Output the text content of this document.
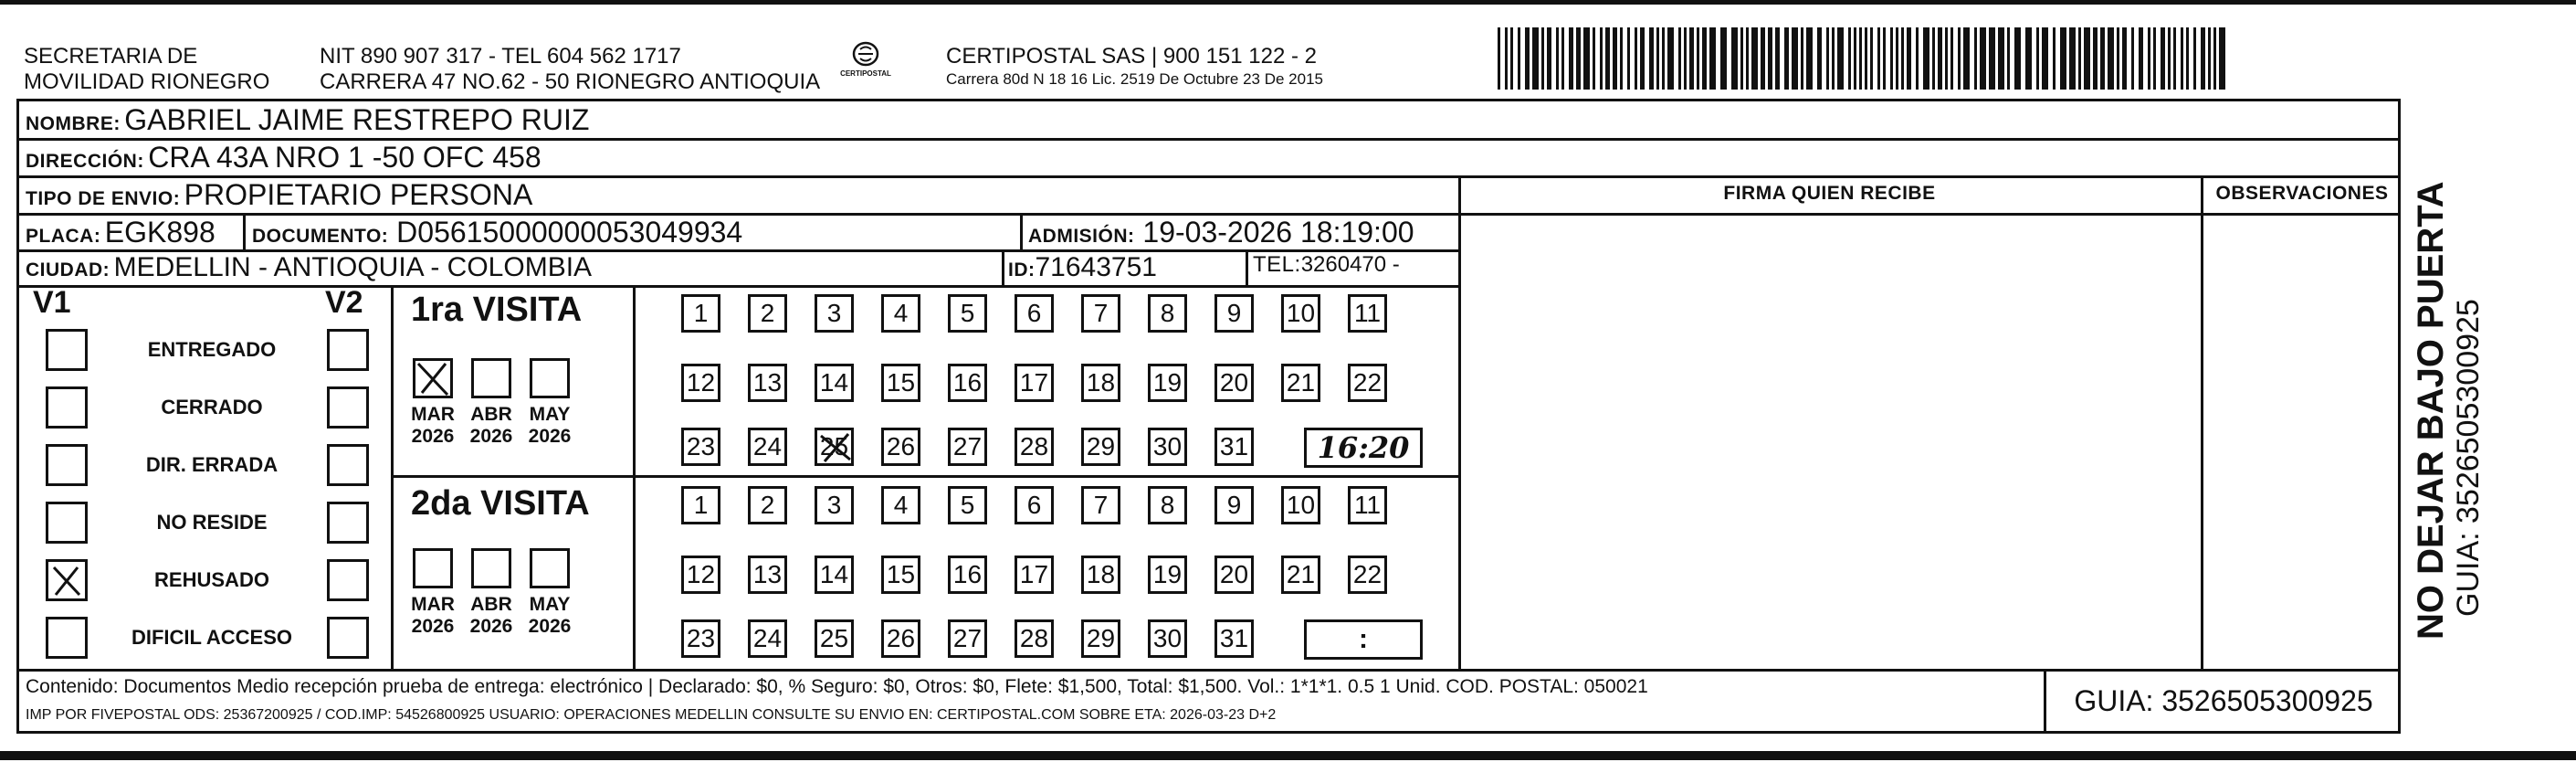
SECRETARIA DE
MOVILIDAD RIONEGRO
NIT 890 907 317 - TEL 604 562 1717
CARRERA 47 NO.62 - 50 RIONEGRO ANTIOQUIA	CERTIPOSTAL
CERTIPOSTAL SAS | 900 151 122 - 2
Carrera 80d N 18 16 Lic. 2519 De Octubre 23 De 2015
NOMBRE: GABRIEL JAIME RESTREPO RUIZ
DIRECCIÓN: CRA 43A NRO 1 -50 OFC 458
TIPO DE ENVIO: PROPIETARIO PERSONA	FIRMA QUIEN RECIBE	OBSERVACIONES
PLACA: EGK898 DOCUMENTO: D05615000000053049934	ADMISIÓN: 19-03-2026 18:19:00
CIUDAD: MEDELLIN - ANTIOQUIA - COLOMBIA	ID:71643751	TEL:3260470 -
V1	V2
ENTREGADO
CERRADO
DIR. ERRADA
NO RESIDE
REHUSADO
DIFICIL ACCESO
1ra VISITA
2da VISITA
MAR
2026
ABR
2026
MAY
2026
1	2	3	4	5	6	7	8	9	10 11
12 13 14 15 16 17 18 19 20 21 22
23 24 25 26 27 28 29 30 31	16:20
MAR
2026
ABR
2026
MAY
2026
1	2	3	4	5	6	7	8	9	10 11
12 13 14 15 16 17 18 19 20 21 22
23 24 25 26 27 28 29 30 31	:
Contenido: Documentos Medio recepción prueba de entrega: electrónico | Declarado: $0, % Seguro: $0, Otros: $0, Flete: $1,500, Total: $1,500. Vol.: 1*1*1. 0.5 1 Unid. COD. POSTAL: 050021
IMP POR FIVEPOSTAL ODS: 25367200925 / COD.IMP: 54526800925 USUARIO: OPERACIONES MEDELLIN CONSULTE SU ENVIO EN: CERTIPOSTAL.COM SOBRE ETA: 2026-03-23 D+2	GUIA: 3526505300925
NO DEJAR BAJO PUERTA GUIA: 3526505300925
